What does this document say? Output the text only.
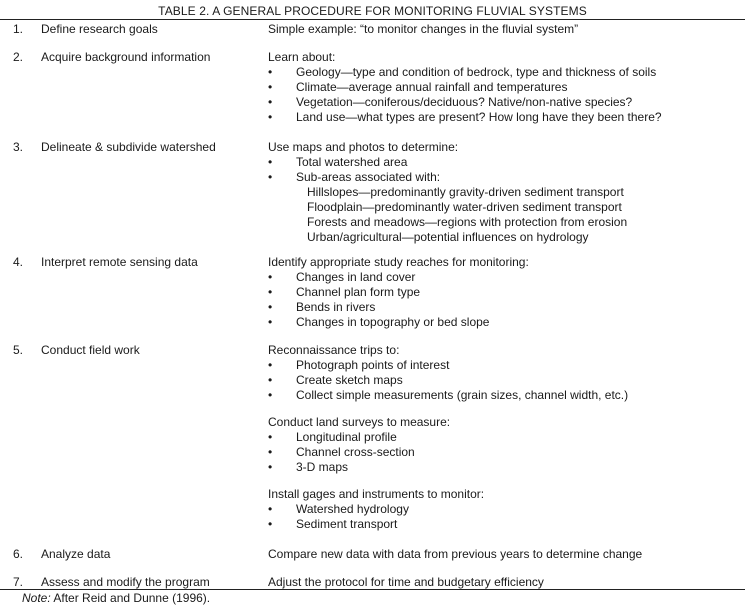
TABLE 2. A GENERAL PROCEDURE FOR MONITORING FLUVIAL SYSTEMS
1. Define research goals	Simple example: “to monitor changes in the fluvial system”
2. Acquire background information	Learn about:
• Geology—type and condition of bedrock, type and thickness of soils
• Climate—average annual rainfall and temperatures
• Vegetation—coniferous/deciduous? Native/non-native species?
• Land use—what types are present? How long have they been there?
3. Delineate & subdivide watershed	Use maps and photos to determine:
• Total watershed area
• Sub-areas associated with:
Hillslopes—predominantly gravity-driven sediment transport
Floodplain—predominantly water-driven sediment transport
Forests and meadows—regions with protection from erosion
Urban/agricultural—potential influences on hydrology
4. Interpret remote sensing data	Identify appropriate study reaches for monitoring:
• Changes in land cover
• Channel plan form type
• Bends in rivers
• Changes in topography or bed slope
5. Conduct field work	Reconnaissance trips to:
• Photograph points of interest
• Create sketch maps
• Collect simple measurements (grain sizes, channel width, etc.)
Conduct land surveys to measure:
• Longitudinal profile
• Channel cross-section
• 3-D maps
Install gages and instruments to monitor:
• Watershed hydrology
• Sediment transport
6. Analyze data	Compare new data with data from previous years to determine change
7. Assess and modify the program	Adjust the protocol for time and budgetary efficiency
Note: After Reid and Dunne (1996).
